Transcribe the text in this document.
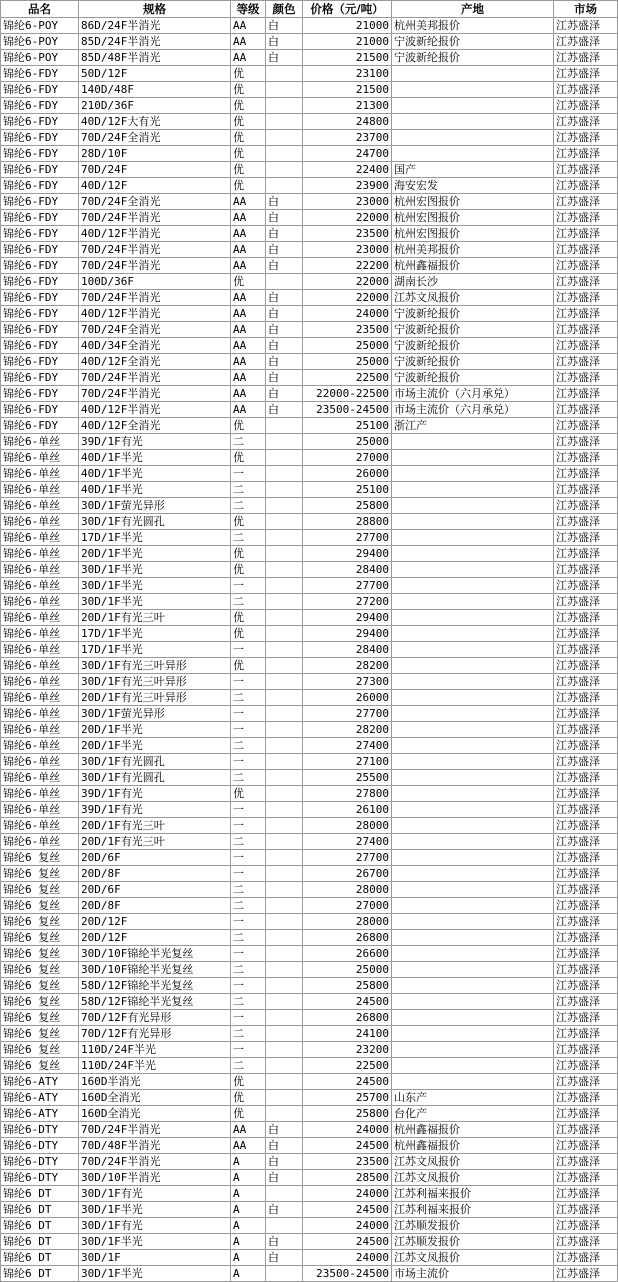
品名	规格	等级	颜色	价格（元/吨）	产地	市场
锦纶6-POY	86D/24F半消光	AA	白	21000	杭州美邦报价	江苏盛泽
锦纶6-POY	85D/24F半消光	AA	白	21000	宁波新纶报价	江苏盛泽
锦纶6-POY	85D/48F半消光	AA	白	21500	宁波新纶报价	江苏盛泽
锦纶6-FDY	50D/12F	优		23100		江苏盛泽
锦纶6-FDY	140D/48F	优		21500		江苏盛泽
锦纶6-FDY	210D/36F	优		21300		江苏盛泽
锦纶6-FDY	40D/12F大有光	优		24800		江苏盛泽
锦纶6-FDY	70D/24F全消光	优		23700		江苏盛泽
锦纶6-FDY	28D/10F	优		24700		江苏盛泽
锦纶6-FDY	70D/24F	优		22400	国产	江苏盛泽
锦纶6-FDY	40D/12F	优		23900	海安宏发	江苏盛泽
锦纶6-FDY	70D/24F全消光	AA	白	23000	杭州宏图报价	江苏盛泽
锦纶6-FDY	70D/24F半消光	AA	白	22000	杭州宏图报价	江苏盛泽
锦纶6-FDY	40D/12F半消光	AA	白	23500	杭州宏图报价	江苏盛泽
锦纶6-FDY	70D/24F半消光	AA	白	23000	杭州美邦报价	江苏盛泽
锦纶6-FDY	70D/24F半消光	AA	白	22200	杭州鑫福报价	江苏盛泽
锦纶6-FDY	100D/36F	优		22000	湖南长沙	江苏盛泽
锦纶6-FDY	70D/24F半消光	AA	白	22000	江苏文凤报价	江苏盛泽
锦纶6-FDY	40D/12F半消光	AA	白	24000	宁波新纶报价	江苏盛泽
锦纶6-FDY	70D/24F全消光	AA	白	23500	宁波新纶报价	江苏盛泽
锦纶6-FDY	40D/34F全消光	AA	白	25000	宁波新纶报价	江苏盛泽
锦纶6-FDY	40D/12F全消光	AA	白	25000	宁波新纶报价	江苏盛泽
锦纶6-FDY	70D/24F半消光	AA	白	22500	宁波新纶报价	江苏盛泽
锦纶6-FDY	70D/24F半消光	AA	白	22000-22500	市场主流价（六月承兑）	江苏盛泽
锦纶6-FDY	40D/12F半消光	AA	白	23500-24500	市场主流价（六月承兑）	江苏盛泽
锦纶6-FDY	40D/12F全消光	优		25100	浙江产	江苏盛泽
锦纶6-单丝	39D/1F有光	二		25000		江苏盛泽
锦纶6-单丝	40D/1F半光	优		27000		江苏盛泽
锦纶6-单丝	40D/1F半光	一		26000		江苏盛泽
锦纶6-单丝	40D/1F半光	二		25100		江苏盛泽
锦纶6-单丝	30D/1F萤光异形	二		25800		江苏盛泽
锦纶6-单丝	30D/1F有光圆孔	优		28800		江苏盛泽
锦纶6-单丝	17D/1F半光	二		27700		江苏盛泽
锦纶6-单丝	20D/1F半光	优		29400		江苏盛泽
锦纶6-单丝	30D/1F半光	优		28400		江苏盛泽
锦纶6-单丝	30D/1F半光	一		27700		江苏盛泽
锦纶6-单丝	30D/1F半光	二		27200		江苏盛泽
锦纶6-单丝	20D/1F有光三叶	优		29400		江苏盛泽
锦纶6-单丝	17D/1F半光	优		29400		江苏盛泽
锦纶6-单丝	17D/1F半光	一		28400		江苏盛泽
锦纶6-单丝	30D/1F有光三叶异形	优		28200		江苏盛泽
锦纶6-单丝	30D/1F有光三叶异形	一		27300		江苏盛泽
锦纶6-单丝	20D/1F有光三叶异形	二		26000		江苏盛泽
锦纶6-单丝	30D/1F萤光异形	一		27700		江苏盛泽
锦纶6-单丝	20D/1F半光	一		28200		江苏盛泽
锦纶6-单丝	20D/1F半光	二		27400		江苏盛泽
锦纶6-单丝	30D/1F有光圆孔	一		27100		江苏盛泽
锦纶6-单丝	30D/1F有光圆孔	二		25500		江苏盛泽
锦纶6-单丝	39D/1F有光	优		27800		江苏盛泽
锦纶6-单丝	39D/1F有光	一		26100		江苏盛泽
锦纶6-单丝	20D/1F有光三叶	一		28000		江苏盛泽
锦纶6-单丝	20D/1F有光三叶	二		27400		江苏盛泽
锦纶6 复丝	20D/6F	一		27700		江苏盛泽
锦纶6 复丝	20D/8F	一		26700		江苏盛泽
锦纶6 复丝	20D/6F	二		28000		江苏盛泽
锦纶6 复丝	20D/8F	二		27000		江苏盛泽
锦纶6 复丝	20D/12F	一		28000		江苏盛泽
锦纶6 复丝	20D/12F	二		26800		江苏盛泽
锦纶6 复丝	30D/10F锦纶半光复丝	一		26600		江苏盛泽
锦纶6 复丝	30D/10F锦纶半光复丝	二		25000		江苏盛泽
锦纶6 复丝	58D/12F锦纶半光复丝	一		25800		江苏盛泽
锦纶6 复丝	58D/12F锦纶半光复丝	二		24500		江苏盛泽
锦纶6 复丝	70D/12F有光异形	一		26800		江苏盛泽
锦纶6 复丝	70D/12F有光异形	二		24100		江苏盛泽
锦纶6 复丝	110D/24F半光	一		23200		江苏盛泽
锦纶6 复丝	110D/24F半光	二		22500		江苏盛泽
锦纶6-ATY	160D半消光	优		24500		江苏盛泽
锦纶6-ATY	160D全消光	优		25700	山东产	江苏盛泽
锦纶6-ATY	160D全消光	优		25800	台化产	江苏盛泽
锦纶6-DTY	70D/24F半消光	AA	白	24000	杭州鑫福报价	江苏盛泽
锦纶6-DTY	70D/48F半消光	AA	白	24500	杭州鑫福报价	江苏盛泽
锦纶6-DTY	70D/24F半消光	A	白	23500	江苏文凤报价	江苏盛泽
锦纶6-DTY	30D/10F半消光	A	白	28500	江苏文凤报价	江苏盛泽
锦纶6 DT	30D/1F有光	A		24000	江苏利福来报价	江苏盛泽
锦纶6 DT	30D/1F半光	A	白	24500	江苏利福来报价	江苏盛泽
锦纶6 DT	30D/1F有光	A		24000	江苏顺发报价	江苏盛泽
锦纶6 DT	30D/1F半光	A	白	24500	江苏顺发报价	江苏盛泽
锦纶6 DT	30D/1F	A	白	24000	江苏文凤报价	江苏盛泽
锦纶6 DT	30D/1F半光	A		23500-24500	市场主流价	江苏盛泽
